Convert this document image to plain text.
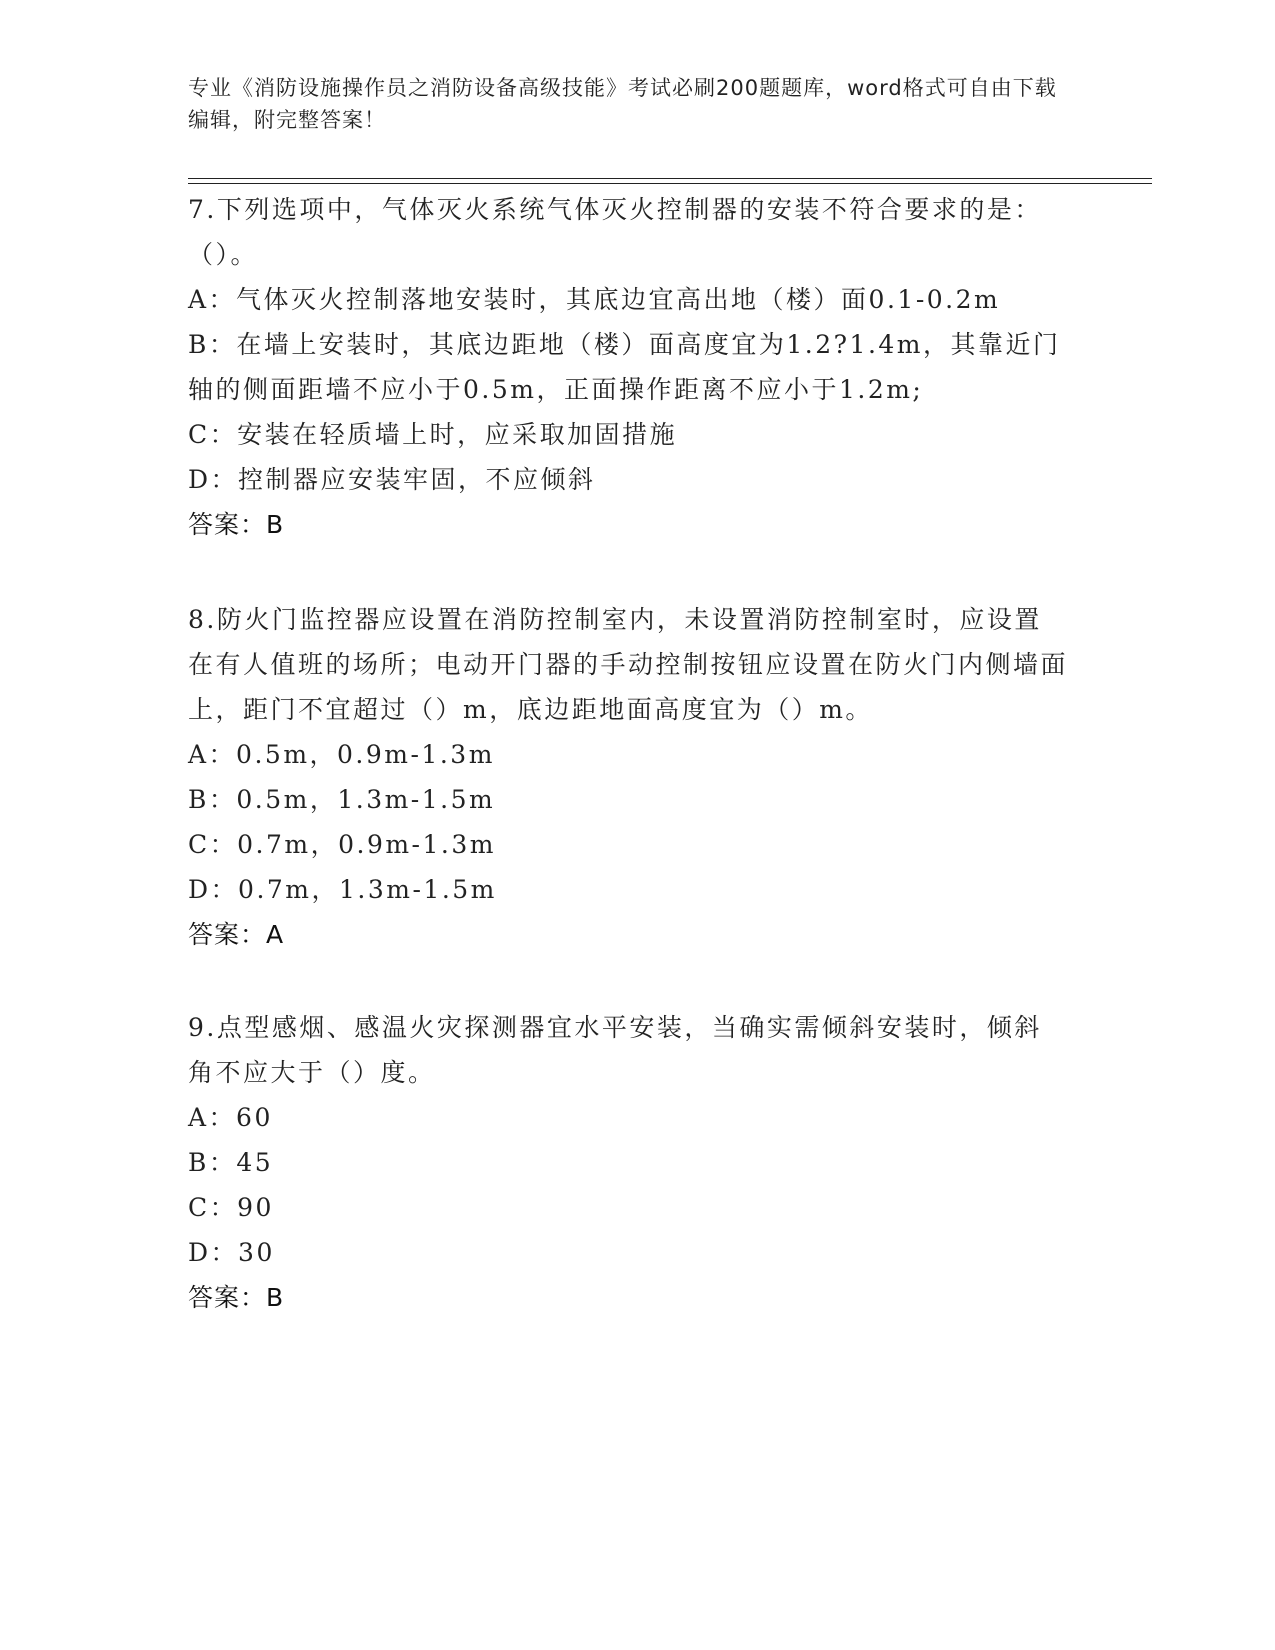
专业《消防设施操作员之消防设备高级技能》考试必刷200题题库，word格式可自由下载编辑，附完整答案！

7.下列选项中，气体灭火系统气体灭火控制器的安装不符合要求的是：（）。

A：气体灭火控制落地安装时，其底边宜高出地（楼）面0.1-0.2m

B：在墙上安装时，其底边距地（楼）面高度宜为1.2?1.4m，其靠近门轴的侧面距墙不应小于0.5m，正面操作距离不应小于1.2m;

C：安装在轻质墙上时，应采取加固措施

D：控制器应安装牢固，不应倾斜

答案：B

8.防火门监控器应设置在消防控制室内，未设置消防控制室时，应设置在有人值班的场所；电动开门器的手动控制按钮应设置在防火门内侧墙面上，距门不宜超过（）m，底边距地面高度宜为（）m。

A：0.5m，0.9m-1.3m

B：0.5m，1.3m-1.5m

C：0.7m，0.9m-1.3m

D：0.7m，1.3m-1.5m

答案：A

9.点型感烟、感温火灾探测器宜水平安装，当确实需倾斜安装时，倾斜角不应大于（）度。

A：60

B：45

C：90

D：30

答案：B
